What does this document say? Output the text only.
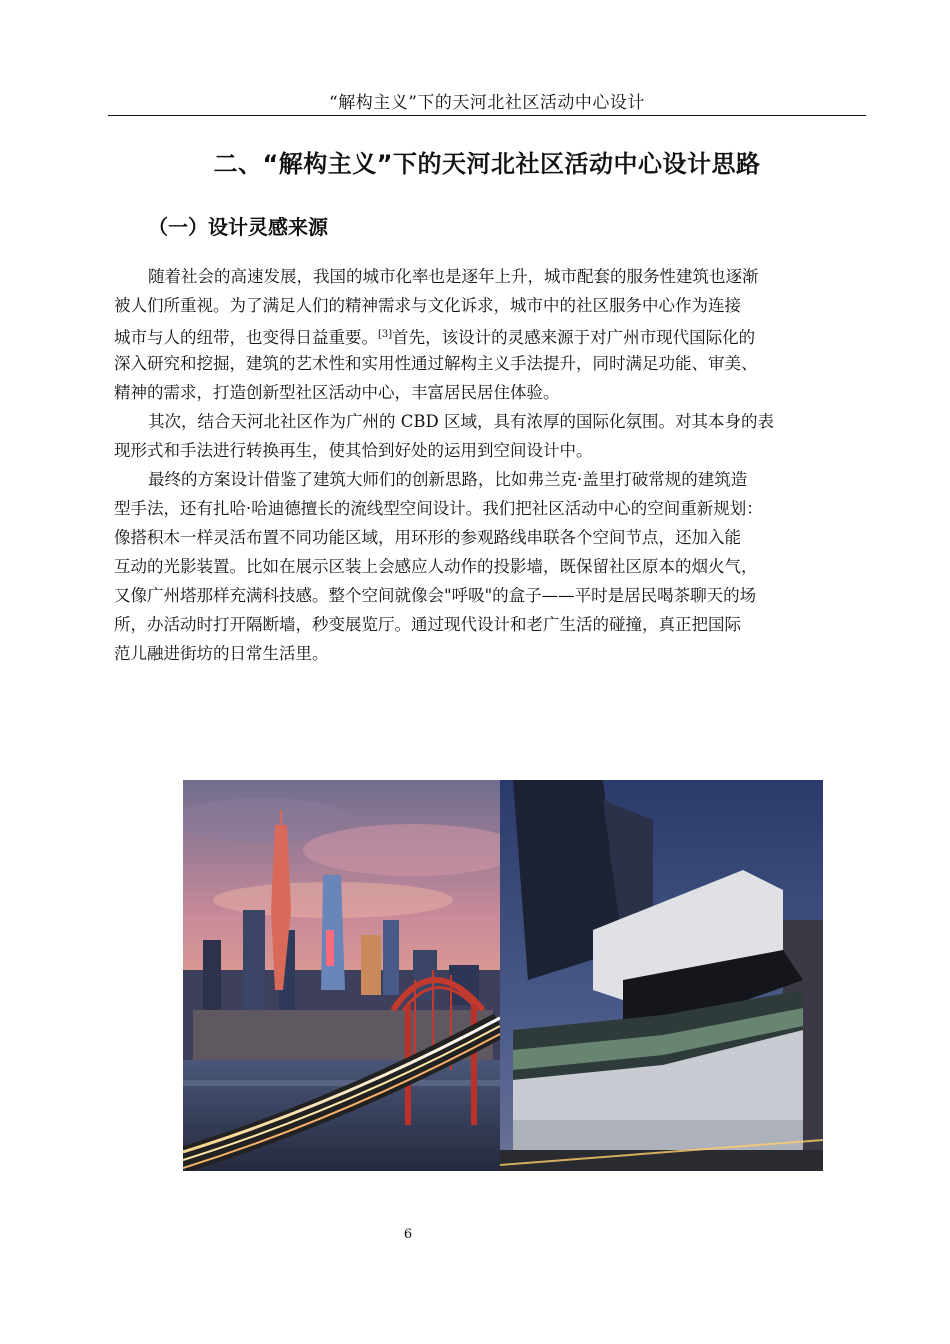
“解构主义”下的天河北社区活动中心设计
二、“解构主义”下的天河北社区活动中心设计思路
（一）设计灵感来源
随着社会的高速发展，我国的城市化率也是逐年上升，城市配套的服务性建筑也逐渐
被人们所重视。为了满足人们的精神需求与文化诉求，城市中的社区服务中心作为连接
城市与人的纽带，也变得日益重要。[3]首先，该设计的灵感来源于对广州市现代国际化的
深入研究和挖掘，建筑的艺术性和实用性通过解构主义手法提升，同时满足功能、审美、
精神的需求，打造创新型社区活动中心，丰富居民居住体验。
其次，结合天河北社区作为广州的 CBD 区域，具有浓厚的国际化氛围。对其本身的表
现形式和手法进行转换再生，使其恰到好处的运用到空间设计中。
最终的方案设计借鉴了建筑大师们的创新思路，比如弗兰克·盖里打破常规的建筑造
型手法，还有扎哈·哈迪德擅长的流线型空间设计。我们把社区活动中心的空间重新规划：
像搭积木一样灵活布置不同功能区域，用环形的参观路线串联各个空间节点，还加入能
互动的光影装置。比如在展示区装上会感应人动作的投影墙，既保留社区原本的烟火气，
又像广州塔那样充满科技感。整个空间就像会"呼吸"的盒子——平时是居民喝茶聊天的场
所，办活动时打开隔断墙，秒变展览厅。通过现代设计和老广生活的碰撞，真正把国际
范儿融进街坊的日常生活里。
6
